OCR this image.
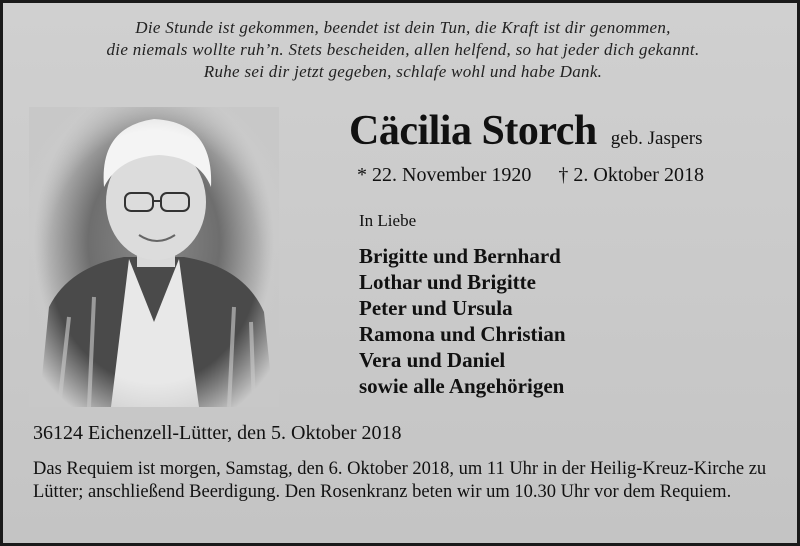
Die Stunde ist gekommen, beendet ist dein Tun, die Kraft ist dir genommen,
die niemals wollte ruh’n. Stets bescheiden, allen helfend, so hat jeder dich gekannt.
Ruhe sei dir jetzt gegeben, schlafe wohl und habe Dank.
Cäcilia Storch geb. Jaspers
* 22. November 1920 † 2. Oktober 2018
In Liebe
Brigitte und Bernhard
Lothar und Brigitte
Peter und Ursula
Ramona und Christian
Vera und Daniel
sowie alle Angehörigen
36124 Eichenzell-Lütter, den 5. Oktober 2018
Das Requiem ist morgen, Samstag, den 6. Oktober 2018, um 11 Uhr in der Heilig-Kreuz-Kirche zu Lütter; anschließend Beerdigung. Den Rosenkranz beten wir um 10.30 Uhr vor dem Requiem.
